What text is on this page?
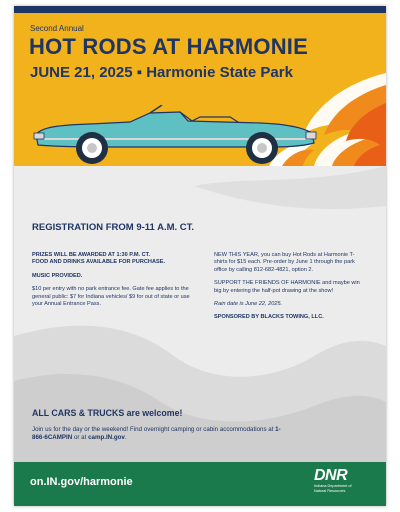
Second Annual
HOT RODS AT HARMONIE
JUNE 21, 2025 ▪ Harmonie State Park
REGISTRATION FROM 9-11 A.M. CT.

PRIZES WILL BE AWARDED AT 1:30 P.M. CT.
FOOD AND DRINKS AVAILABLE FOR PURCHASE.

MUSIC PROVIDED.

$10 per entry with no park entrance fee. Gate fee applies to the general public: $7 for Indiana vehicles/ $9 for out of state or use your Annual Entrance Pass.

NEW THIS YEAR, you can buy Hot Rods at Harmonie T-shirts for $15 each. Pre-order by June 1 through the park office by calling 812-682-4821, option 2.

SUPPORT THE FRIENDS OF HARMONIE and maybe win big by entering the half-pot drawing at the show!

Rain date is June 22, 2025.

SPONSORED BY BLACKS TOWING, LLC.

ALL CARS & TRUCKS are welcome!
Join us for the day or the weekend! Find overnight camping or cabin accommodations at 1-866-6CAMPIN or at camp.IN.gov.
on.IN.gov/harmonie	DNR
Indiana Department of Natural Resources
